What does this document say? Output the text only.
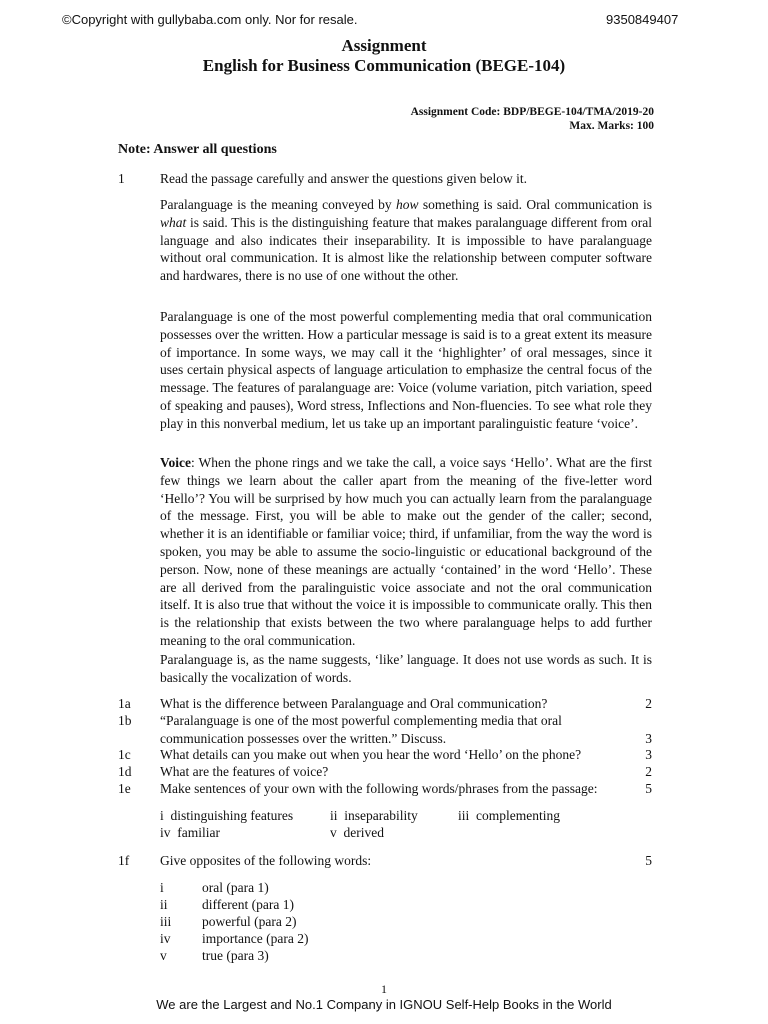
©Copyright with gullybaba.com only. Nor for resale.	9350849407
Assignment
English for Business Communication (BEGE-104)
Assignment Code: BDP/BEGE-104/TMA/2019-20
Max. Marks: 100
Note: Answer all questions
1	Read the passage carefully and answer the questions given below it.
Paralanguage is the meaning conveyed by how something is said. Oral communication is what is said. This is the distinguishing feature that makes paralanguage different from oral language and also indicates their inseparability. It is impossible to have paralanguage without oral communication. It is almost like the relationship between computer software and hardwares, there is no use of one without the other.
Paralanguage is one of the most powerful complementing media that oral communication possesses over the written. How a particular message is said is to a great extent its measure of importance. In some ways, we may call it the ‘highlighter’ of oral messages, since it uses certain physical aspects of language articulation to emphasize the central focus of the message. The features of paralanguage are: Voice (volume variation, pitch variation, speed of speaking and pauses), Word stress, Inflections and Non-fluencies. To see what role they play in this nonverbal medium, let us take up an important paralinguistic feature ‘voice’.
Voice: When the phone rings and we take the call, a voice says ‘Hello’. What are the first few things we learn about the caller apart from the meaning of the five-letter word ‘Hello’? You will be surprised by how much you can actually learn from the paralanguage of the message. First, you will be able to make out the gender of the caller; second, whether it is an identifiable or familiar voice; third, if unfamiliar, from the way the word is spoken, you may be able to assume the socio-linguistic or educational background of the person. Now, none of these meanings are actually ‘contained’ in the word ‘Hello’. These are all derived from the paralinguistic voice associate and not the oral communication itself. It is also true that without the voice it is impossible to communicate orally. This then is the relationship that exists between the two where paralanguage helps to add further meaning to the oral communication.
Paralanguage is, as the name suggests, ‘like’ language. It does not use words as such. It is basically the vocalization of words.
1a What is the difference between Paralanguage and Oral communication?	2
1b “Paralanguage is one of the most powerful complementing media that oral
communication possesses over the written.” Discuss.	3
1c What details can you make out when you hear the word ‘Hello’ on the phone?	3
1d What are the features of voice?	2
1e Make sentences of your own with the following words/phrases from the passage:	5
i distinguishing features	ii inseparability	iii complementing
iv familiar	v derived
1f Give opposites of the following words:	5
i	oral (para 1)
ii	different (para 1)
iii powerful (para 2)
iv importance (para 2)
v	true (para 3)
1
We are the Largest and No.1 Company in IGNOU Self-Help Books in the World
